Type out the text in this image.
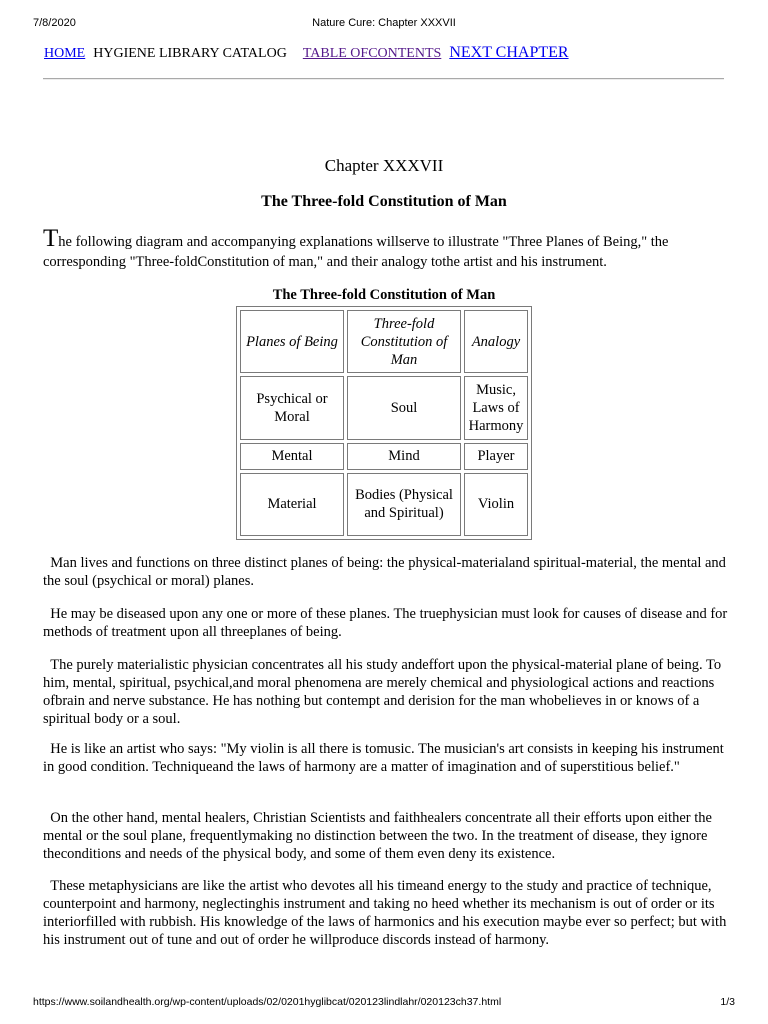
7/8/2020	Nature Cure: Chapter XXXVII
HOME HYGIENE LIBRARY CATALOG TABLE OFCONTENTS NEXT CHAPTER
Chapter XXXVII
The Three-fold Constitution of Man
The following diagram and accompanying explanations willserve to illustrate "Three Planes of Being," the corresponding "Three-foldConstitution of man," and their analogy tothe artist and his instrument.
The Three-fold Constitution of Man
Planes of Being	Three-fold Constitution of Man	Analogy
Psychical or Moral	Soul	Music, Laws of Harmony
Mental	Mind	Player
Material	Bodies (Physical and Spiritual)	Violin

Man lives and functions on three distinct planes of being: the physical-materialand spiritual-material, the mental and the soul (psychical or moral) planes.

He may be diseased upon any one or more of these planes. The truephysician must look for causes of disease and for methods of treatment upon all threeplanes of being.

The purely materialistic physician concentrates all his study andeffort upon the physical-material plane of being. To him, mental, spiritual, psychical,and moral phenomena are merely chemical and physiological actions and reactions ofbrain and nerve substance. He has nothing but contempt and derision for the man whobelieves in or knows of a spiritual body or a soul.

He is like an artist who says: "My violin is all there is tomusic. The musician's art consists in keeping his instrument in good condition. Techniqueand the laws of harmony are a matter of imagination and of superstitious belief."

On the other hand, mental healers, Christian Scientists and faithhealers concentrate all their efforts upon either the mental or the soul plane, frequentlymaking no distinction between the two. In the treatment of disease, they ignore theconditions and needs of the physical body, and some of them even deny its existence.

These metaphysicians are like the artist who devotes all his timeand energy to the study and practice of technique, counterpoint and harmony, neglectinghis instrument and taking no heed whether its mechanism is out of order or its interiorfilled with rubbish. His knowledge of the laws of harmonics and his execution maybe ever so perfect; but with his instrument out of tune and out of order he willproduce discords instead of harmony.

https://www.soilandhealth.org/wp-content/uploads/02/0201hyglibcat/020123lindlahr/020123ch37.html	1/3
